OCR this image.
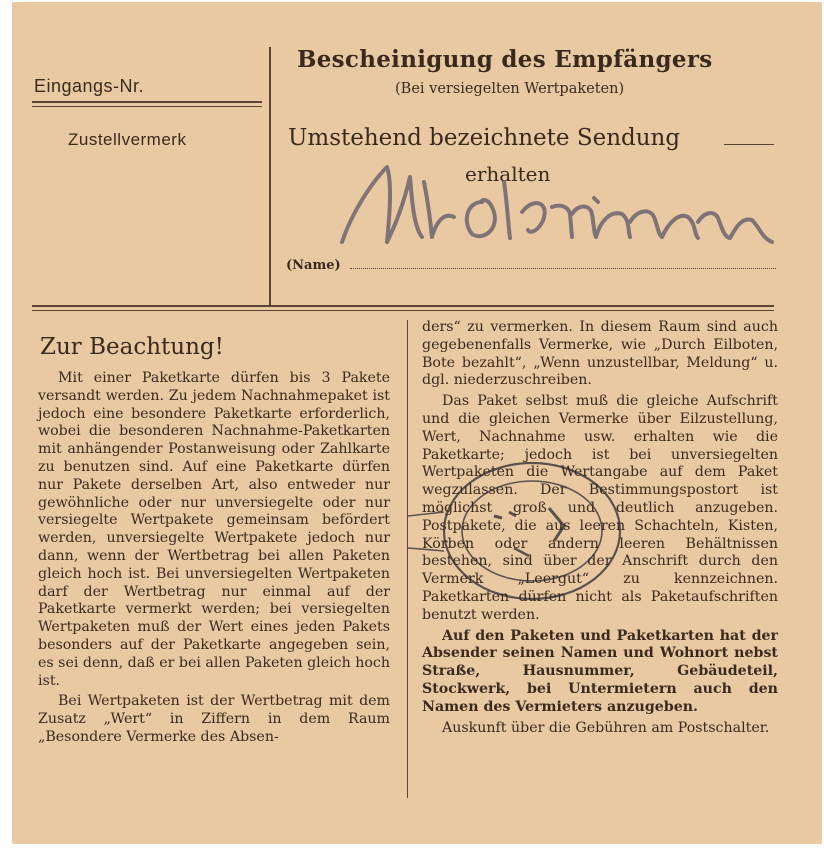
Eingangs-Nr.
Zustellvermerk
Bescheinigung des Empfängers
(Bei versiegelten Wertpaketen)
Umstehend bezeichnete Sendung
erhalten
(Name)
Zur Beachtung!

Mit einer Paketkarte dürfen bis 3 Pakete versandt werden. Zu jedem Nachnahmepaket ist jedoch eine besondere Paketkarte erforderlich, wobei die besonderen Nachnahme-Paketkarten mit anhängender Postanweisung oder Zahlkarte zu benutzen sind. Auf eine Paketkarte dürfen nur Pakete derselben Art, also entweder nur gewöhnliche oder nur unversiegelte oder nur versiegelte Wertpakete gemeinsam befördert werden, unversiegelte Wertpakete jedoch nur dann, wenn der Wertbetrag bei allen Paketen gleich hoch ist. Bei unversiegelten Wertpaketen darf der Wertbetrag nur einmal auf der Paketkarte vermerkt werden; bei versiegelten Wertpaketen muß der Wert eines jeden Pakets besonders auf der Paketkarte angegeben sein, es sei denn, daß er bei allen Paketen gleich hoch ist.

Bei Wertpaketen ist der Wertbetrag mit dem Zusatz „Wert“ in Ziffern in dem Raum „Besondere Vermerke des Absen-

ders“ zu vermerken. In diesem Raum sind auch gegebenenfalls Vermerke, wie „Durch Eilboten, Bote bezahlt“, „Wenn unzustellbar, Meldung“ u. dgl. niederzuschreiben.

Das Paket selbst muß die gleiche Aufschrift und die gleichen Vermerke über Eilzustellung, Wert, Nachnahme usw. erhalten wie die Paketkarte; jedoch ist bei unversiegelten Wertpaketen die Wertangabe auf dem Paket wegzulassen. Der Bestimmungspostort ist möglichst groß und deutlich anzugeben. Postpakete, die aus leeren Schachteln, Kisten, Körben oder andern leeren Behältnissen bestehen, sind über der Anschrift durch den Vermerk „Leergut“ zu kennzeichnen. Paketkarten dürfen nicht als Paketaufschriften benutzt werden.

Auf den Paketen und Paketkarten hat der Absender seinen Namen und Wohnort nebst Straße, Hausnummer, Gebäudeteil, Stockwerk, bei Untermietern auch den Namen des Vermieters anzugeben.

Auskunft über die Gebühren am Postschalter.
